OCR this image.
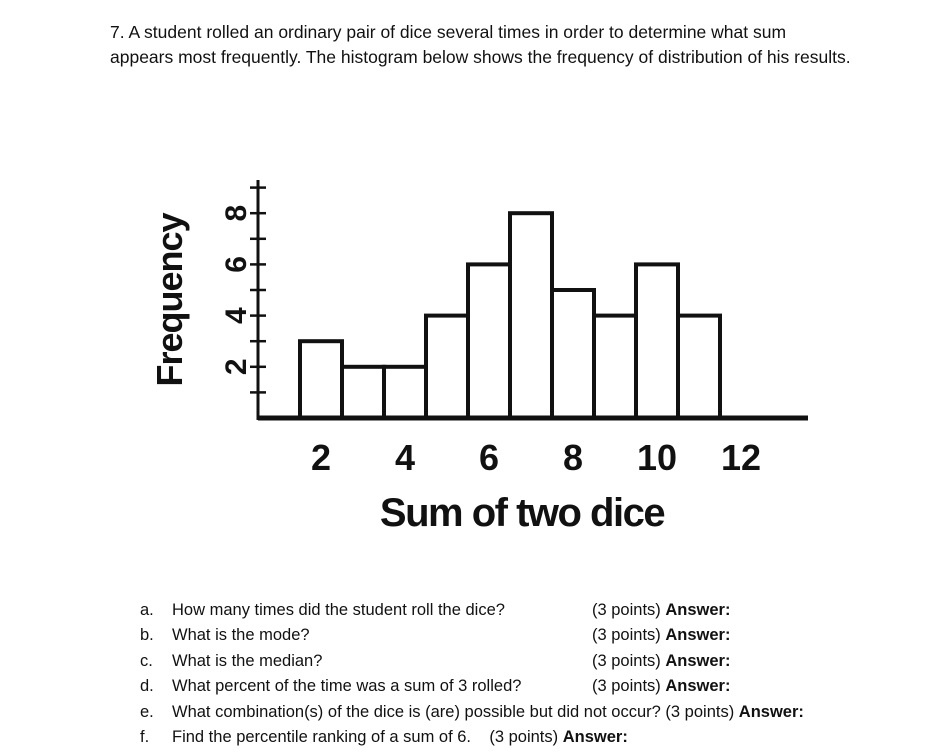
7. A student rolled an ordinary pair of dice several times in order to determine what sum

appears most frequently. The histogram below shows the frequency of distribution of his results.

2
4
6
8
2 4 6 8 10 12
Frequency
Sum of two dice
a. How many times did the student roll the dice?	(3 points) Answer:
b. What is the mode?	(3 points) Answer:
c. What is the median?	(3 points) Answer:
d. What percent of the time was a sum of 3 rolled?	(3 points) Answer:
e. What combination(s) of the dice is (are) possible but did not occur? (3 points) Answer:
f. Find the percentile ranking of a sum of 6. (3 points) Answer:
